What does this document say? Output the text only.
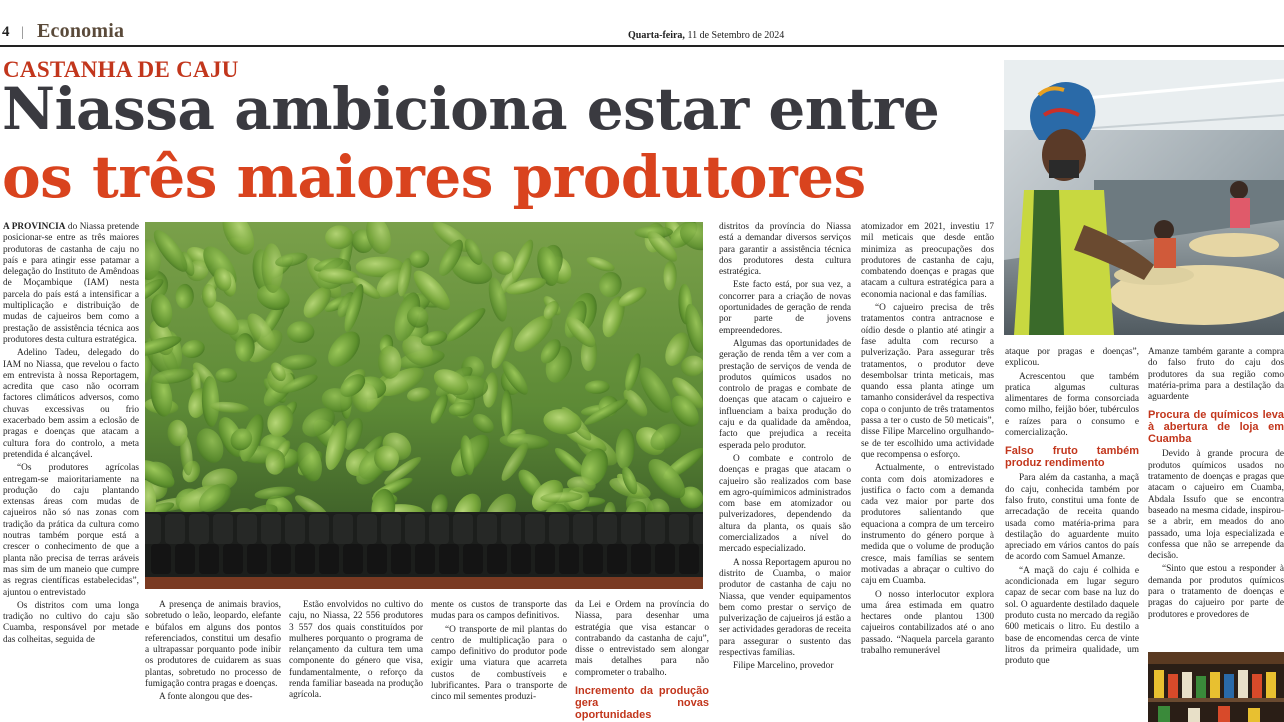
4 | Economia	Quarta-feira, 11 de Setembro de 2024
CASTANHA DE CAJU
Niassa ambiciona estar entre
os três maiores produtores

A PROVÍNCIA do Niassa pretende posicionar-se entre as três maiores produtoras de castanha de caju no país e para atingir esse patamar a delegação do Instituto de Amêndoas de Moçambique (IAM) nesta parcela do país está a intensificar a multiplicação e distribuição de mudas de cajueiros bem como a prestação de assistência técnica aos produtores desta cultura estratégica.

Adelino Tadeu, delegado do IAM no Niassa, que revelou o facto em entrevista à nossa Reportagem, acredita que caso não ocorram factores climáticos adversos, como chuvas excessivas ou frio exacerbado bem assim a eclosão de pragas e doenças que atacam a cultura fora do controlo, a meta pretendida é alcançável.

“Os produtores agrícolas entregam-se maioritariamente na produção do caju plantando extensas áreas com mudas de cajueiros não só nas zonas com tradição da prática da cultura como noutras também porque está a crescer o conhecimento de que a planta não precisa de terras aráveis mas sim de um maneio que cumpre as regras científicas estabelecidas”, ajuntou o entrevistado

Os distritos com uma longa tradição no cultivo do caju são Cuamba, responsável por metade das colheitas, seguida de

A presença de animais bravios, sobretudo o leão, leopardo, elefante e búfalos em alguns dos pontos referenciados, constitui um desafio a ultrapassar porquanto pode inibir os produtores de cuidarem as suas plantas, sobretudo no processo de fumigação contra pragas e doenças.

A fonte alongou que des-

Estão envolvidos no cultivo do caju, no Niassa, 22 556 produtores 3 557 dos quais constituídos por mulheres porquanto o programa de relançamento da cultura tem uma componente do género que visa, fundamentalmente, o reforço da renda familiar baseada na produção agrícola.

mente os custos de transporte das mudas para os campos definitivos.

“O transporte de mil plantas do centro de multiplicação para o campo definitivo do produtor pode exigir uma viatura que acarreta custos de combustíveis e lubrificantes. Para o transporte de cinco mil sementes produzi-

distritos da província do Niassa está a demandar diversos serviços para garantir a assistência técnica dos produtores desta cultura estratégica.

Este facto está, por sua vez, a concorrer para a criação de novas oportunidades de geração de renda por parte de jovens empreendedores.

Algumas das oportunidades de geração de renda têm a ver com a prestação de serviços de venda de produtos químicos usados no controlo de pragas e combate de doenças que atacam o cajueiro e influenciam a baixa produção do caju e da qualidade da amêndoa, facto que prejudica a receita esperada pelo produtor.

O combate e controlo de doenças e pragas que atacam o cajueiro são realizados com base em agro-químimicos administrados com base em atomizador ou pulverizadores, dependendo da altura da planta, os quais são comercializados a nível do mercado especializado.

A nossa Reportagem apurou no distrito de Cuamba, o maior produtor de castanha de caju no Niassa, que vender equipamentos bem como prestar o serviço de pulverização de cajueiros já estão a ser actividades geradoras de receita para assegurar o sustento das respectivas famílias.

Filipe Marcelino, provedor

da Lei e Ordem na província do Niassa, para desenhar uma estratégia que visa estancar o contrabando da castanha de caju”, disse o entrevistado sem alongar mais detalhes para não comprometer o trabalho.

Incremento da produção gera novas oportunidades

atomizador em 2021, investiu 17 mil meticais que desde então minimiza as preocupações dos produtores de castanha de caju, combatendo doenças e pragas que atacam a cultura estratégica para a economia nacional e das famílias.

“O cajueiro precisa de três tratamentos contra antracnose e oídio desde o plantio até atingir a fase adulta com recurso a pulverização. Para assegurar três tratamentos, o produtor deve desembolsar trinta meticais, mas quando essa planta atinge um tamanho considerável da respectiva copa o conjunto de três tratamentos passa a ter o custo de 50 meticais”, disse Filipe Marcelino orgulhando-se de ter escolhido uma actividade que recompensa o esforço.

Actualmente, o entrevistado conta com dois atomizadores e justifica o facto com a demanda cada vez maior por parte dos produtores salientando que equaciona a compra de um terceiro instrumento do género porque à medida que o volume de produção cresce, mais famílias se sentem motivadas a abraçar o cultivo do caju em Cuamba.

O nosso interlocutor explora uma área estimada em quatro hectares onde plantou 1300 cajueiros contabilizados até o ano passado. “Naquela parcela garanto trabalho remunerável

ataque por pragas e doenças”, explicou.

Acrescentou que também pratica algumas culturas alimentares de forma consorciada como milho, feijão bóer, tubérculos e raízes para o consumo e comercialização.

Falso fruto também produz rendimento

Para além da castanha, a maçã do caju, conhecida também por falso fruto, constitui uma fonte de arrecadação de receita quando usada como matéria-prima para destilação do aguardente muito apreciado em vários cantos do país de acordo com Samuel Amanze.

“A maçã do caju é colhida e acondicionada em lugar seguro capaz de secar com base na luz do sol. O aguardente destilado daquele produto custa no mercado da região 600 meticais o litro. Eu destilo a base de encomendas cerca de vinte litros da primeira qualidade, um produto que

Amanze também garante a compra do falso fruto do caju dos produtores da sua região como matéria-prima para a destilação da aguardente

Procura de químicos leva à abertura de loja em Cuamba

Devido à grande procura de produtos químicos usados no tratamento de doenças e pragas que atacam o cajueiro em Cuamba, Abdala Issufo que se encontra baseado na mesma cidade, inspirou-se a abrir, em meados do ano passado, uma loja especializada e confessa que não se arrepende da decisão.

“Sinto que estou a responder à demanda por produtos químicos para o tratamento de doenças e pragas do cajueiro por parte de produtores e provedores de
